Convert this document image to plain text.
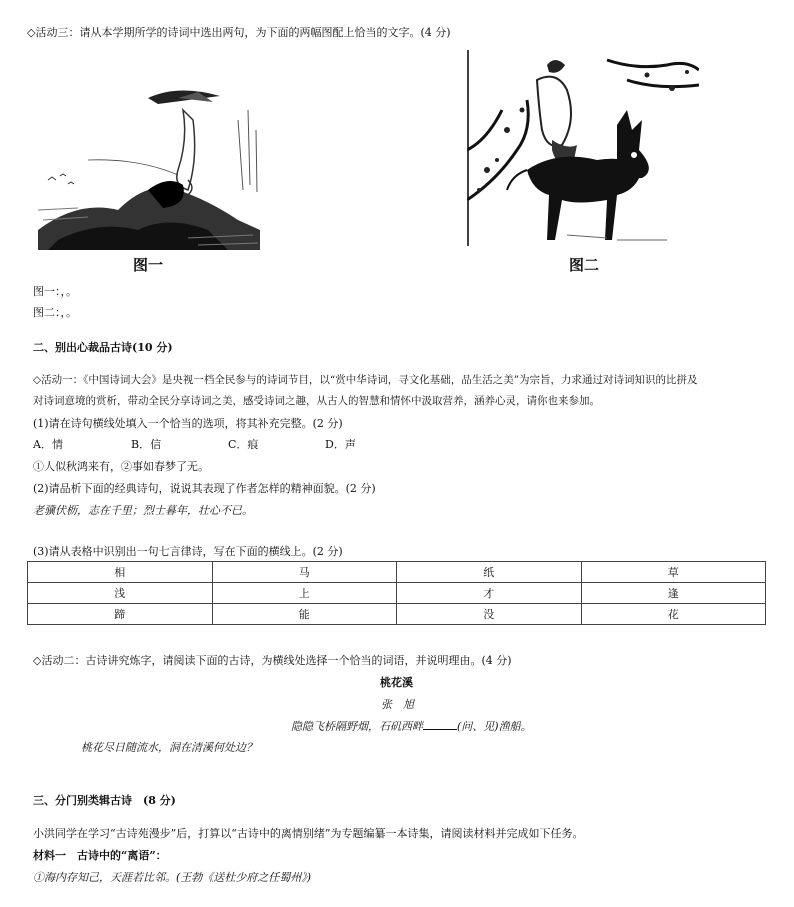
◇活动三：请从本学期所学的诗词中选出两句，为下面的两幅图配上恰当的文字。(4 分)
图一	图二
图一：，。
图二：，。
二、别出心裁品古诗(10 分)
◇活动一：《中国诗词大会》是央视一档全民参与的诗词节目，以“赏中华诗词，寻文化基础，品生活之美”为宗旨，力求通过对诗词知识的比拼及
对诗词意境的赏析，带动全民分享诗词之美，感受诗词之趣，从古人的智慧和情怀中汲取营养，涵养心灵，请你也来参加。
(1)请在诗句横线处填入一个恰当的选项，将其补充完整。(2 分)
A．情	B．信	C．痕	D．声
①人似秋鸿来有，②事如春梦了无。
(2)请品析下面的经典诗句，说说其表现了作者怎样的精神面貌。(2 分)
老骥伏枥，志在千里；烈士暮年，壮心不已。
(3)请从表格中识别出一句七言律诗，写在下面的横线上。(2 分)
相	马	纸	草
浅	上	才	逢
蹄	能	没	花
◇活动二：古诗讲究炼字，请阅读下面的古诗，为横线处选择一个恰当的词语，并说明理由。(4 分)
桃花溪
张　旭
隐隐飞桥隔野烟，石矶西畔	(问、见)渔船。
桃花尽日随流水，洞在清溪何处边？
三、分门别类辑古诗　(8 分)
小洪同学在学习“古诗苑漫步”后，打算以“古诗中的离情别绪”为专题编纂一本诗集，请阅读材料并完成如下任务。
材料一　古诗中的“离语”：
①海内存知己，天涯若比邻。(王勃《送杜少府之任蜀州》)
